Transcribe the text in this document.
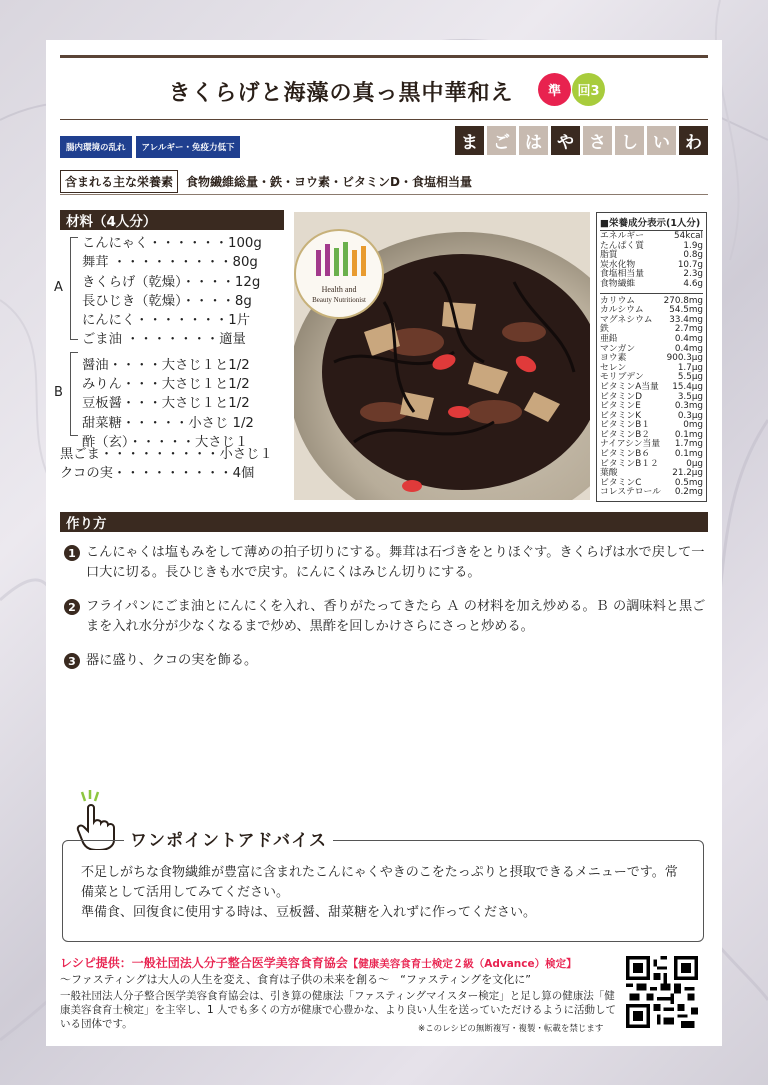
きくらげと海藻の真っ黒中華和え	準	回3
腸内環境の乱れ	アレルギー・免疫力低下	ま ご は や さ し い わ
含まれる主な栄養素	食物繊維総量・鉄・ヨウ素・ビタミンD・食塩相当量
材料（4人分）
A
B
こんにゃく・・・・・・100g
舞茸 ・・・・・・・・・80g
きくらげ（乾燥）・・・・12g
長ひじき（乾燥）・・・・8g
にんにく・・・・・・・1片
ごま油 ・・・・・・・適量
醤油・・・・大さじ１と1/2
みりん・・・大さじ１と1/2
豆板醤・・・大さじ１と1/2
甜菜糖・・・・・小さじ 1/2
酢（玄）・・・・・大さじ１
黒ごま・・・・・・・・・小さじ１
クコの実・・・・・・・・・4個
Health and
Beauty Nutritionist
■栄養成分表示(1人分)
エネルギー	54kcal
たんぱく質	1.9g
脂質	0.8g
炭水化物	10.7g
食塩相当量	2.3g
食物繊維	4.6g
カリウム	270.8mg
カルシウム	54.5mg
マグネシウム 33.4mg
鉄	2.7mg
亜鉛	0.4mg
マンガン	0.4mg
ヨウ素	900.3μg
セレン	1.7μg
モリブデン	5.5μg
ビタミンA当量 15.4μg
ビタミンD	3.5μg
ビタミンE	0.3mg
ビタミンK	0.3μg
ビタミンB１	0mg
ビタミンB２	0.1mg
ナイアシン当量 1.7mg
ビタミンB６	0.1mg
ビタミンB１２	0μg
葉酸	21.2μg
ビタミンC	0.5mg
コレステロール 0.2mg
作り方
1 こんにゃくは塩もみをして薄めの拍子切りにする。舞茸は石づきをとりほぐす。きくらげは水で戻して一口大に切る。長ひじきも水で戻す。にんにくはみじん切りにする。
2 フライパンにごま油とにんにくを入れ、香りがたってきたら Ａ の材料を加え炒める。Ｂ の調味料と黒ごまを入れ水分が少なくなるまで炒め、黒酢を回しかけさらにさっと炒める。
3 器に盛り、クコの実を飾る。
不足しがちな食物繊維が豊富に含まれたこんにゃくやきのこをたっぷりと摂取できるメニューです。常備菜として活用してみてください。
準備食、回復食に使用する時は、豆板醤、甜菜糖を入れずに作ってください。
ワンポイントアドバイス
レシピ提供：一般社団法人分子整合医学美容食育協会【健康美容食育士検定２級（Advance）検定】
〜ファスティングは大人の人生を変え、食育は子供の未来を創る〜　“ファスティングを文化に”
一般社団法人分子整合医学美容食育協会は、引き算の健康法「ファスティングマイスター検定」と足し算の健康法「健康美容食育士検定」を主宰し、1 人でも多くの方が健康で心豊かな、より良い人生を送っていただけるように活動している団体です。	※このレシピの無断複写・複製・転載を禁じます
